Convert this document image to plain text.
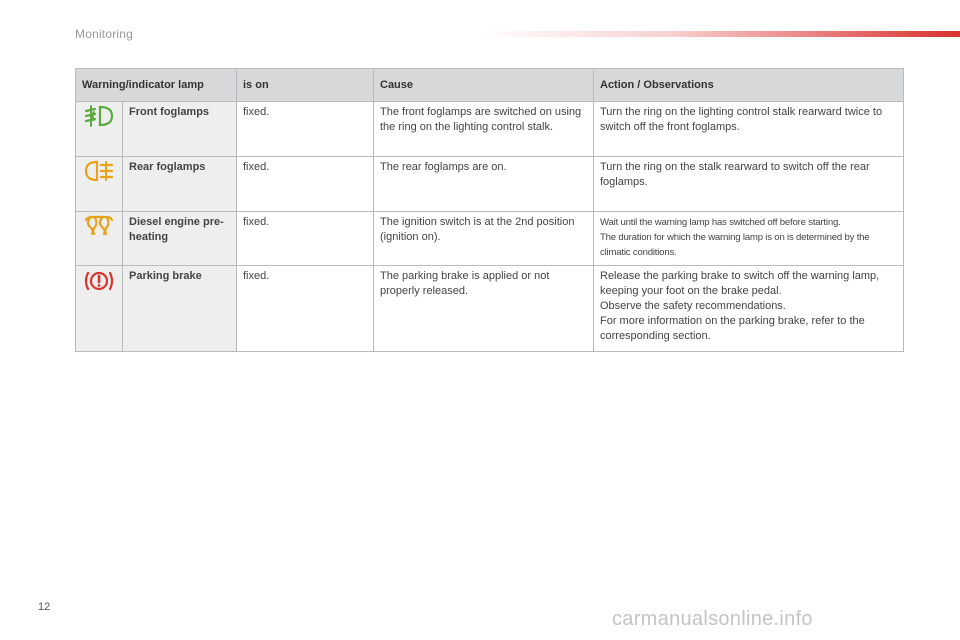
Monitoring
Warning/indicator lamp		is on	Cause	Action / Observations

	Front foglamps	fixed.	The front foglamps are switched on using the ring on the lighting control stalk.	Turn the ring on the lighting control stalk rearward twice to switch off the front foglamps.

	Rear foglamps	fixed.	The rear foglamps are on.	Turn the ring on the stalk rearward to switch off the rear foglamps.

	Diesel engine pre-heating	fixed.	The ignition switch is at the 2nd position (ignition on).	Wait until the warning lamp has switched off before starting.
The duration for which the warning lamp is on is determined by the climatic conditions.

	Parking brake	fixed.	The parking brake is applied or not properly released.	Release the parking brake to switch off the warning lamp, keeping your foot on the brake pedal.
Observe the safety recommendations.
For more information on the parking brake, refer to the corresponding section.
12
carmanualsonline.info
